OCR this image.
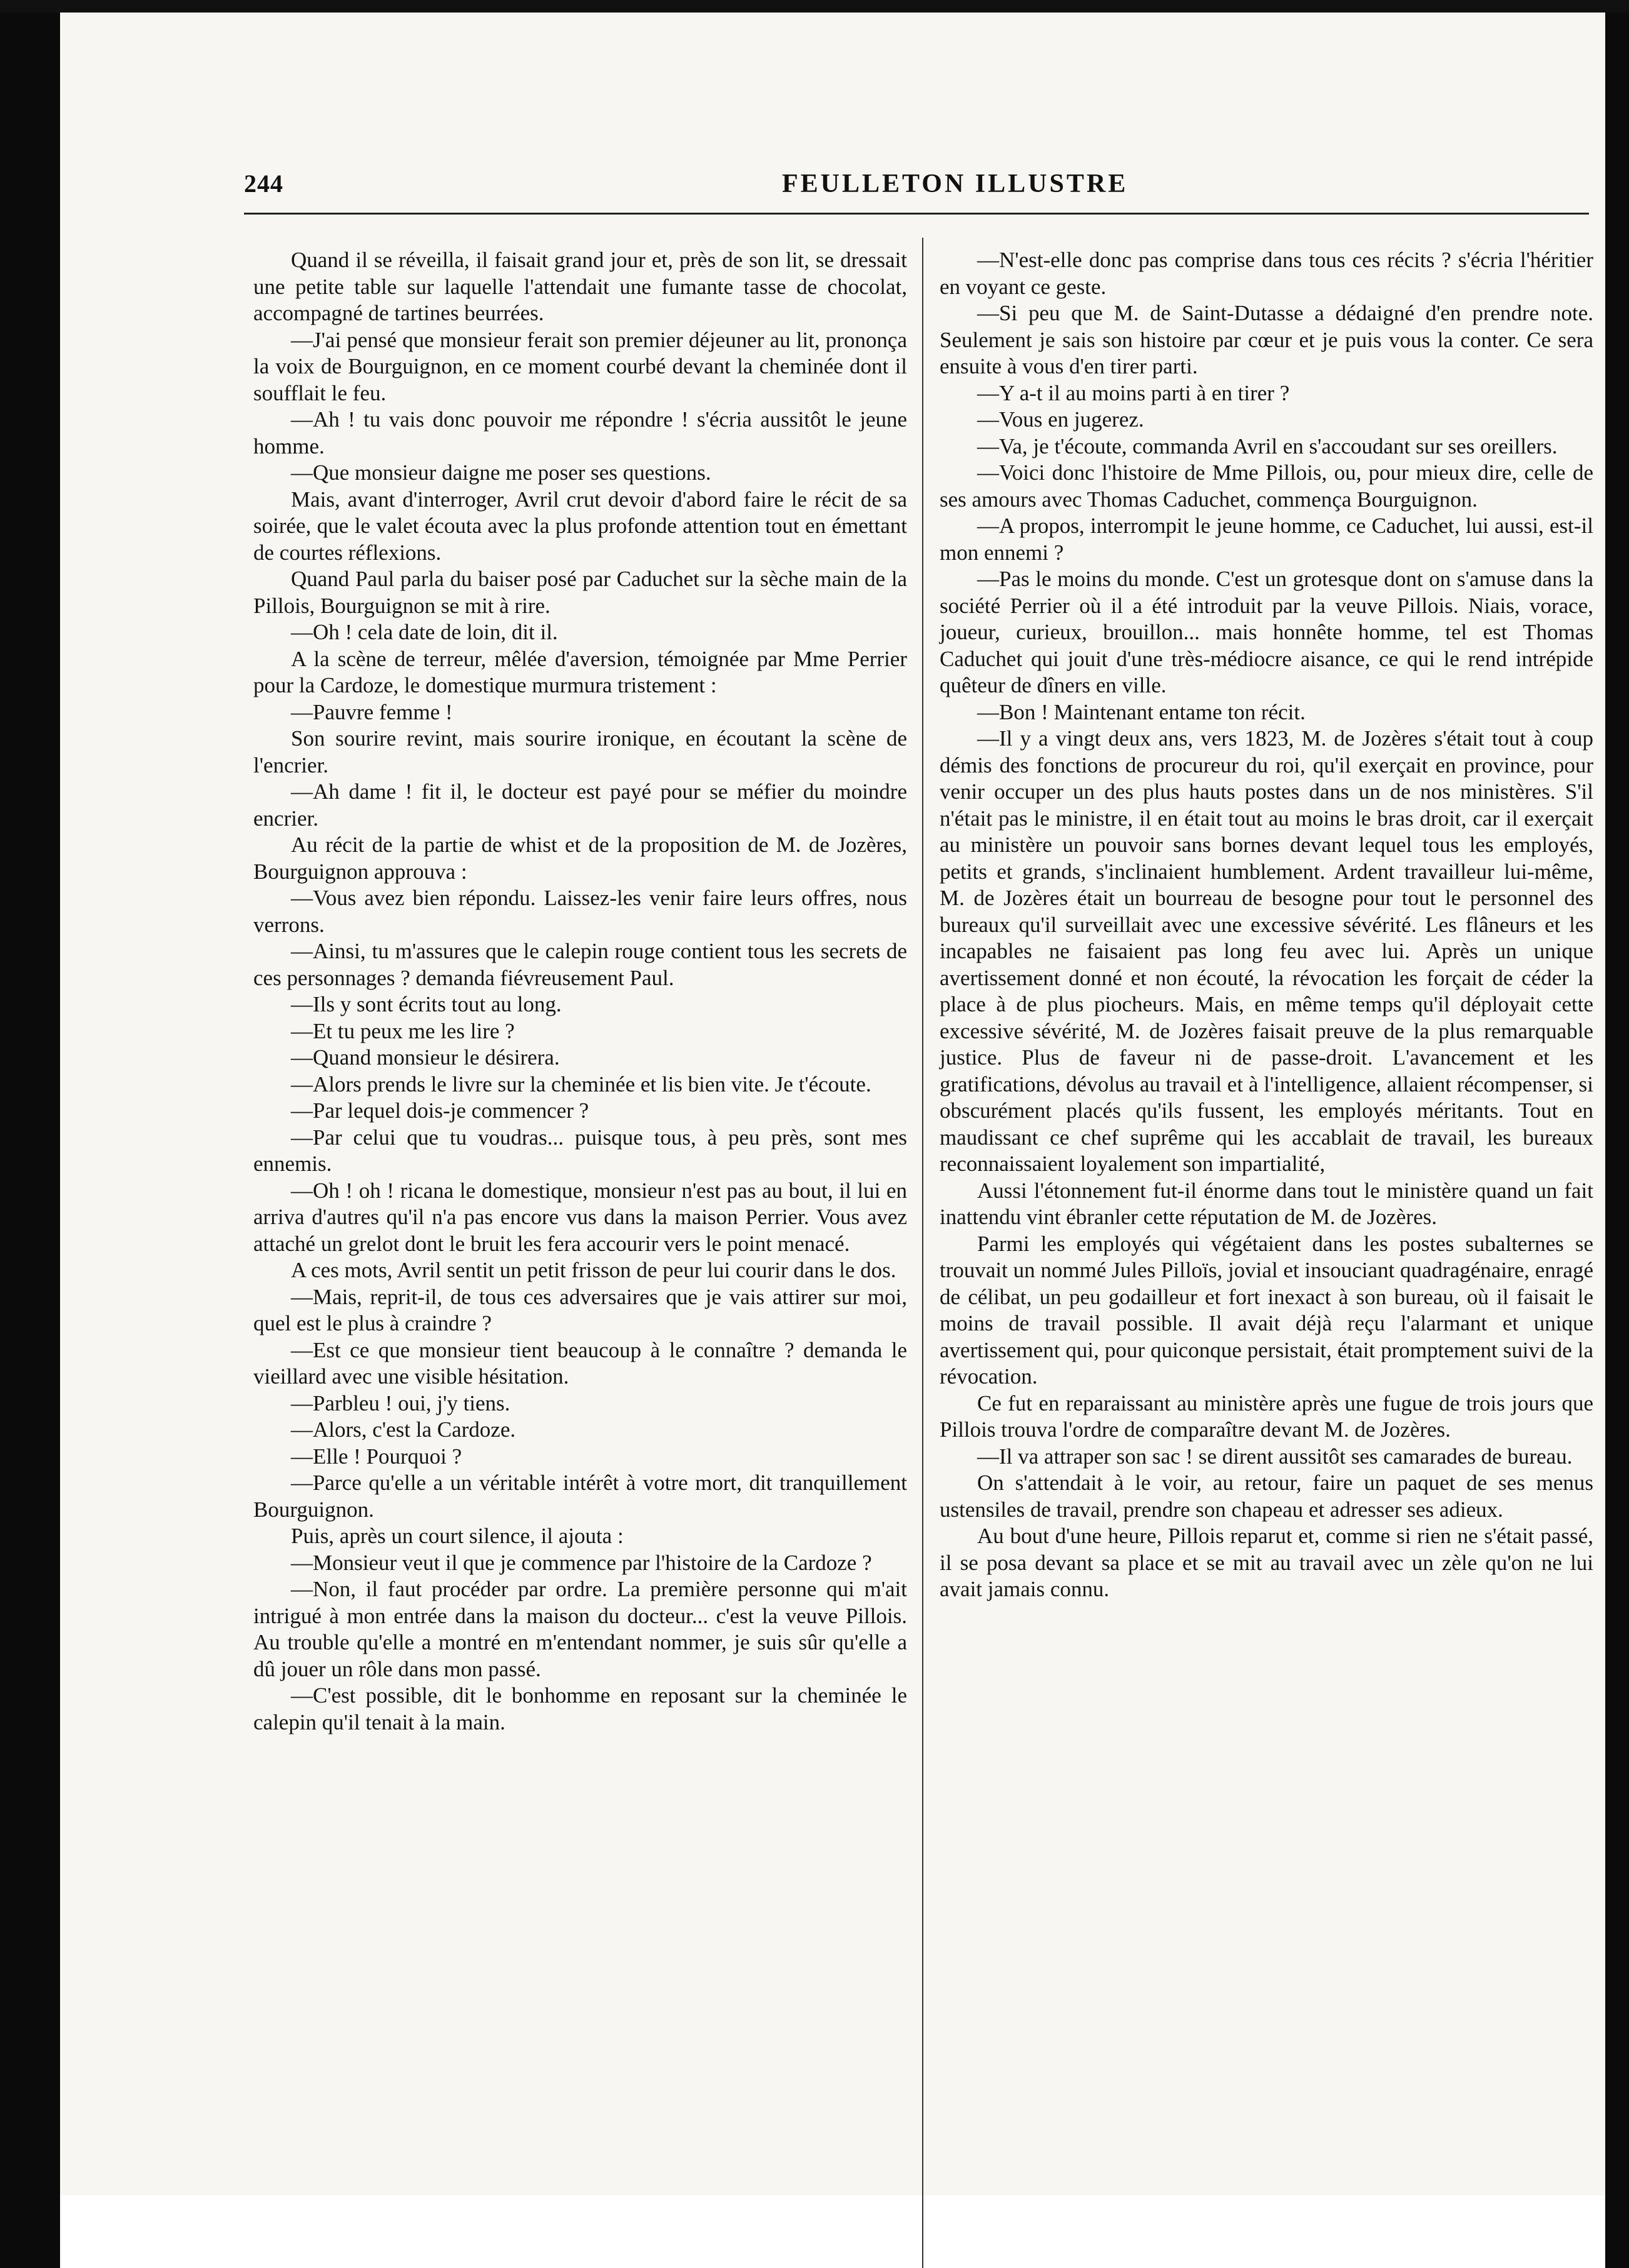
244	FEULLETON ILLUSTRE

Quand il se réveilla, il faisait grand jour et, près de son lit, se dressait une petite table sur laquelle l'attendait une fumante tasse de chocolat, accompagné de tartines beurrées.

—J'ai pensé que monsieur ferait son premier déjeuner au lit, prononça la voix de Bourguignon, en ce moment courbé devant la cheminée dont il soufflait le feu.

—Ah ! tu vais donc pouvoir me répondre ! s'écria aussitôt le jeune homme.

—Que monsieur daigne me poser ses questions.

Mais, avant d'interroger, Avril crut devoir d'abord faire le récit de sa soirée, que le valet écouta avec la plus profonde attention tout en émettant de courtes réflexions.

Quand Paul parla du baiser posé par Caduchet sur la sèche main de la Pillois, Bourguignon se mit à rire.

—Oh ! cela date de loin, dit il.

A la scène de terreur, mêlée d'aversion, témoignée par Mme Perrier pour la Cardoze, le domestique murmura tristement :

—Pauvre femme !

Son sourire revint, mais sourire ironique, en écoutant la scène de l'encrier.

—Ah dame ! fit il, le docteur est payé pour se méfier du moindre encrier.

Au récit de la partie de whist et de la proposition de M. de Jozères, Bourguignon approuva :

—Vous avez bien répondu. Laissez-les venir faire leurs offres, nous verrons.

—Ainsi, tu m'assures que le calepin rouge contient tous les secrets de ces personnages ? demanda fiévreusement Paul.

—Ils y sont écrits tout au long.

—Et tu peux me les lire ?

—Quand monsieur le désirera.

—Alors prends le livre sur la cheminée et lis bien vite. Je t'écoute.

—Par lequel dois-je commencer ?

—Par celui que tu voudras... puisque tous, à peu près, sont mes ennemis.

—Oh ! oh ! ricana le domestique, monsieur n'est pas au bout, il lui en arriva d'autres qu'il n'a pas encore vus dans la maison Perrier. Vous avez attaché un grelot dont le bruit les fera accourir vers le point menacé.

A ces mots, Avril sentit un petit frisson de peur lui courir dans le dos.

—Mais, reprit-il, de tous ces adversaires que je vais attirer sur moi, quel est le plus à craindre ?

—Est ce que monsieur tient beaucoup à le connaître ? demanda le vieillard avec une visible hésitation.

—Parbleu ! oui, j'y tiens.

—Alors, c'est la Cardoze.

—Elle ! Pourquoi ?

—Parce qu'elle a un véritable intérêt à votre mort, dit tranquillement Bourguignon.

Puis, après un court silence, il ajouta :

—Monsieur veut il que je commence par l'histoire de la Cardoze ?

—Non, il faut procéder par ordre. La première personne qui m'ait intrigué à mon entrée dans la maison du docteur... c'est la veuve Pillois. Au trouble qu'elle a montré en m'entendant nommer, je suis sûr qu'elle a dû jouer un rôle dans mon passé.

—C'est possible, dit le bonhomme en reposant sur la cheminée le calepin qu'il tenait à la main.

—N'est-elle donc pas comprise dans tous ces récits ? s'écria l'héritier en voyant ce geste.

—Si peu que M. de Saint-Dutasse a dédaigné d'en prendre note. Seulement je sais son histoire par cœur et je puis vous la conter. Ce sera ensuite à vous d'en tirer parti.

—Y a-t il au moins parti à en tirer ?

—Vous en jugerez.

—Va, je t'écoute, commanda Avril en s'accoudant sur ses oreillers.

—Voici donc l'histoire de Mme Pillois, ou, pour mieux dire, celle de ses amours avec Thomas Caduchet, commença Bourguignon.

—A propos, interrompit le jeune homme, ce Caduchet, lui aussi, est-il mon ennemi ?

—Pas le moins du monde. C'est un grotesque dont on s'amuse dans la société Perrier où il a été introduit par la veuve Pillois. Niais, vorace, joueur, curieux, brouillon... mais honnête homme, tel est Thomas Caduchet qui jouit d'une très-médiocre aisance, ce qui le rend intrépide quêteur de dîners en ville.

—Bon ! Maintenant entame ton récit.

—Il y a vingt deux ans, vers 1823, M. de Jozères s'était tout à coup démis des fonctions de procureur du roi, qu'il exerçait en province, pour venir occuper un des plus hauts postes dans un de nos ministères. S'il n'était pas le ministre, il en était tout au moins le bras droit, car il exerçait au ministère un pouvoir sans bornes devant lequel tous les employés, petits et grands, s'inclinaient humblement. Ardent travailleur lui-même, M. de Jozères était un bourreau de besogne pour tout le personnel des bureaux qu'il surveillait avec une excessive sévérité. Les flâneurs et les incapables ne faisaient pas long feu avec lui. Après un unique avertissement donné et non écouté, la révocation les forçait de céder la place à de plus piocheurs. Mais, en même temps qu'il déployait cette excessive sévérité, M. de Jozères faisait preuve de la plus remarquable justice. Plus de faveur ni de passe-droit. L'avancement et les gratifications, dévolus au travail et à l'intelligence, allaient récompenser, si obscurément placés qu'ils fussent, les employés méritants. Tout en maudissant ce chef suprême qui les accablait de travail, les bureaux reconnaissaient loyalement son impartialité,

Aussi l'étonnement fut-il énorme dans tout le ministère quand un fait inattendu vint ébranler cette réputation de M. de Jozères.

Parmi les employés qui végétaient dans les postes subalternes se trouvait un nommé Jules Pilloïs, jovial et insouciant quadragénaire, enragé de célibat, un peu godailleur et fort inexact à son bureau, où il faisait le moins de travail possible. Il avait déjà reçu l'alarmant et unique avertissement qui, pour quiconque persistait, était promptement suivi de la révocation.

Ce fut en reparaissant au ministère après une fugue de trois jours que Pillois trouva l'ordre de comparaître devant M. de Jozères.

—Il va attraper son sac ! se dirent aussitôt ses camarades de bureau.

On s'attendait à le voir, au retour, faire un paquet de ses menus ustensiles de travail, prendre son chapeau et adresser ses adieux.

Au bout d'une heure, Pillois reparut et, comme si rien ne s'était passé, il se posa devant sa place et se mit au travail avec un zèle qu'on ne lui avait jamais connu.
